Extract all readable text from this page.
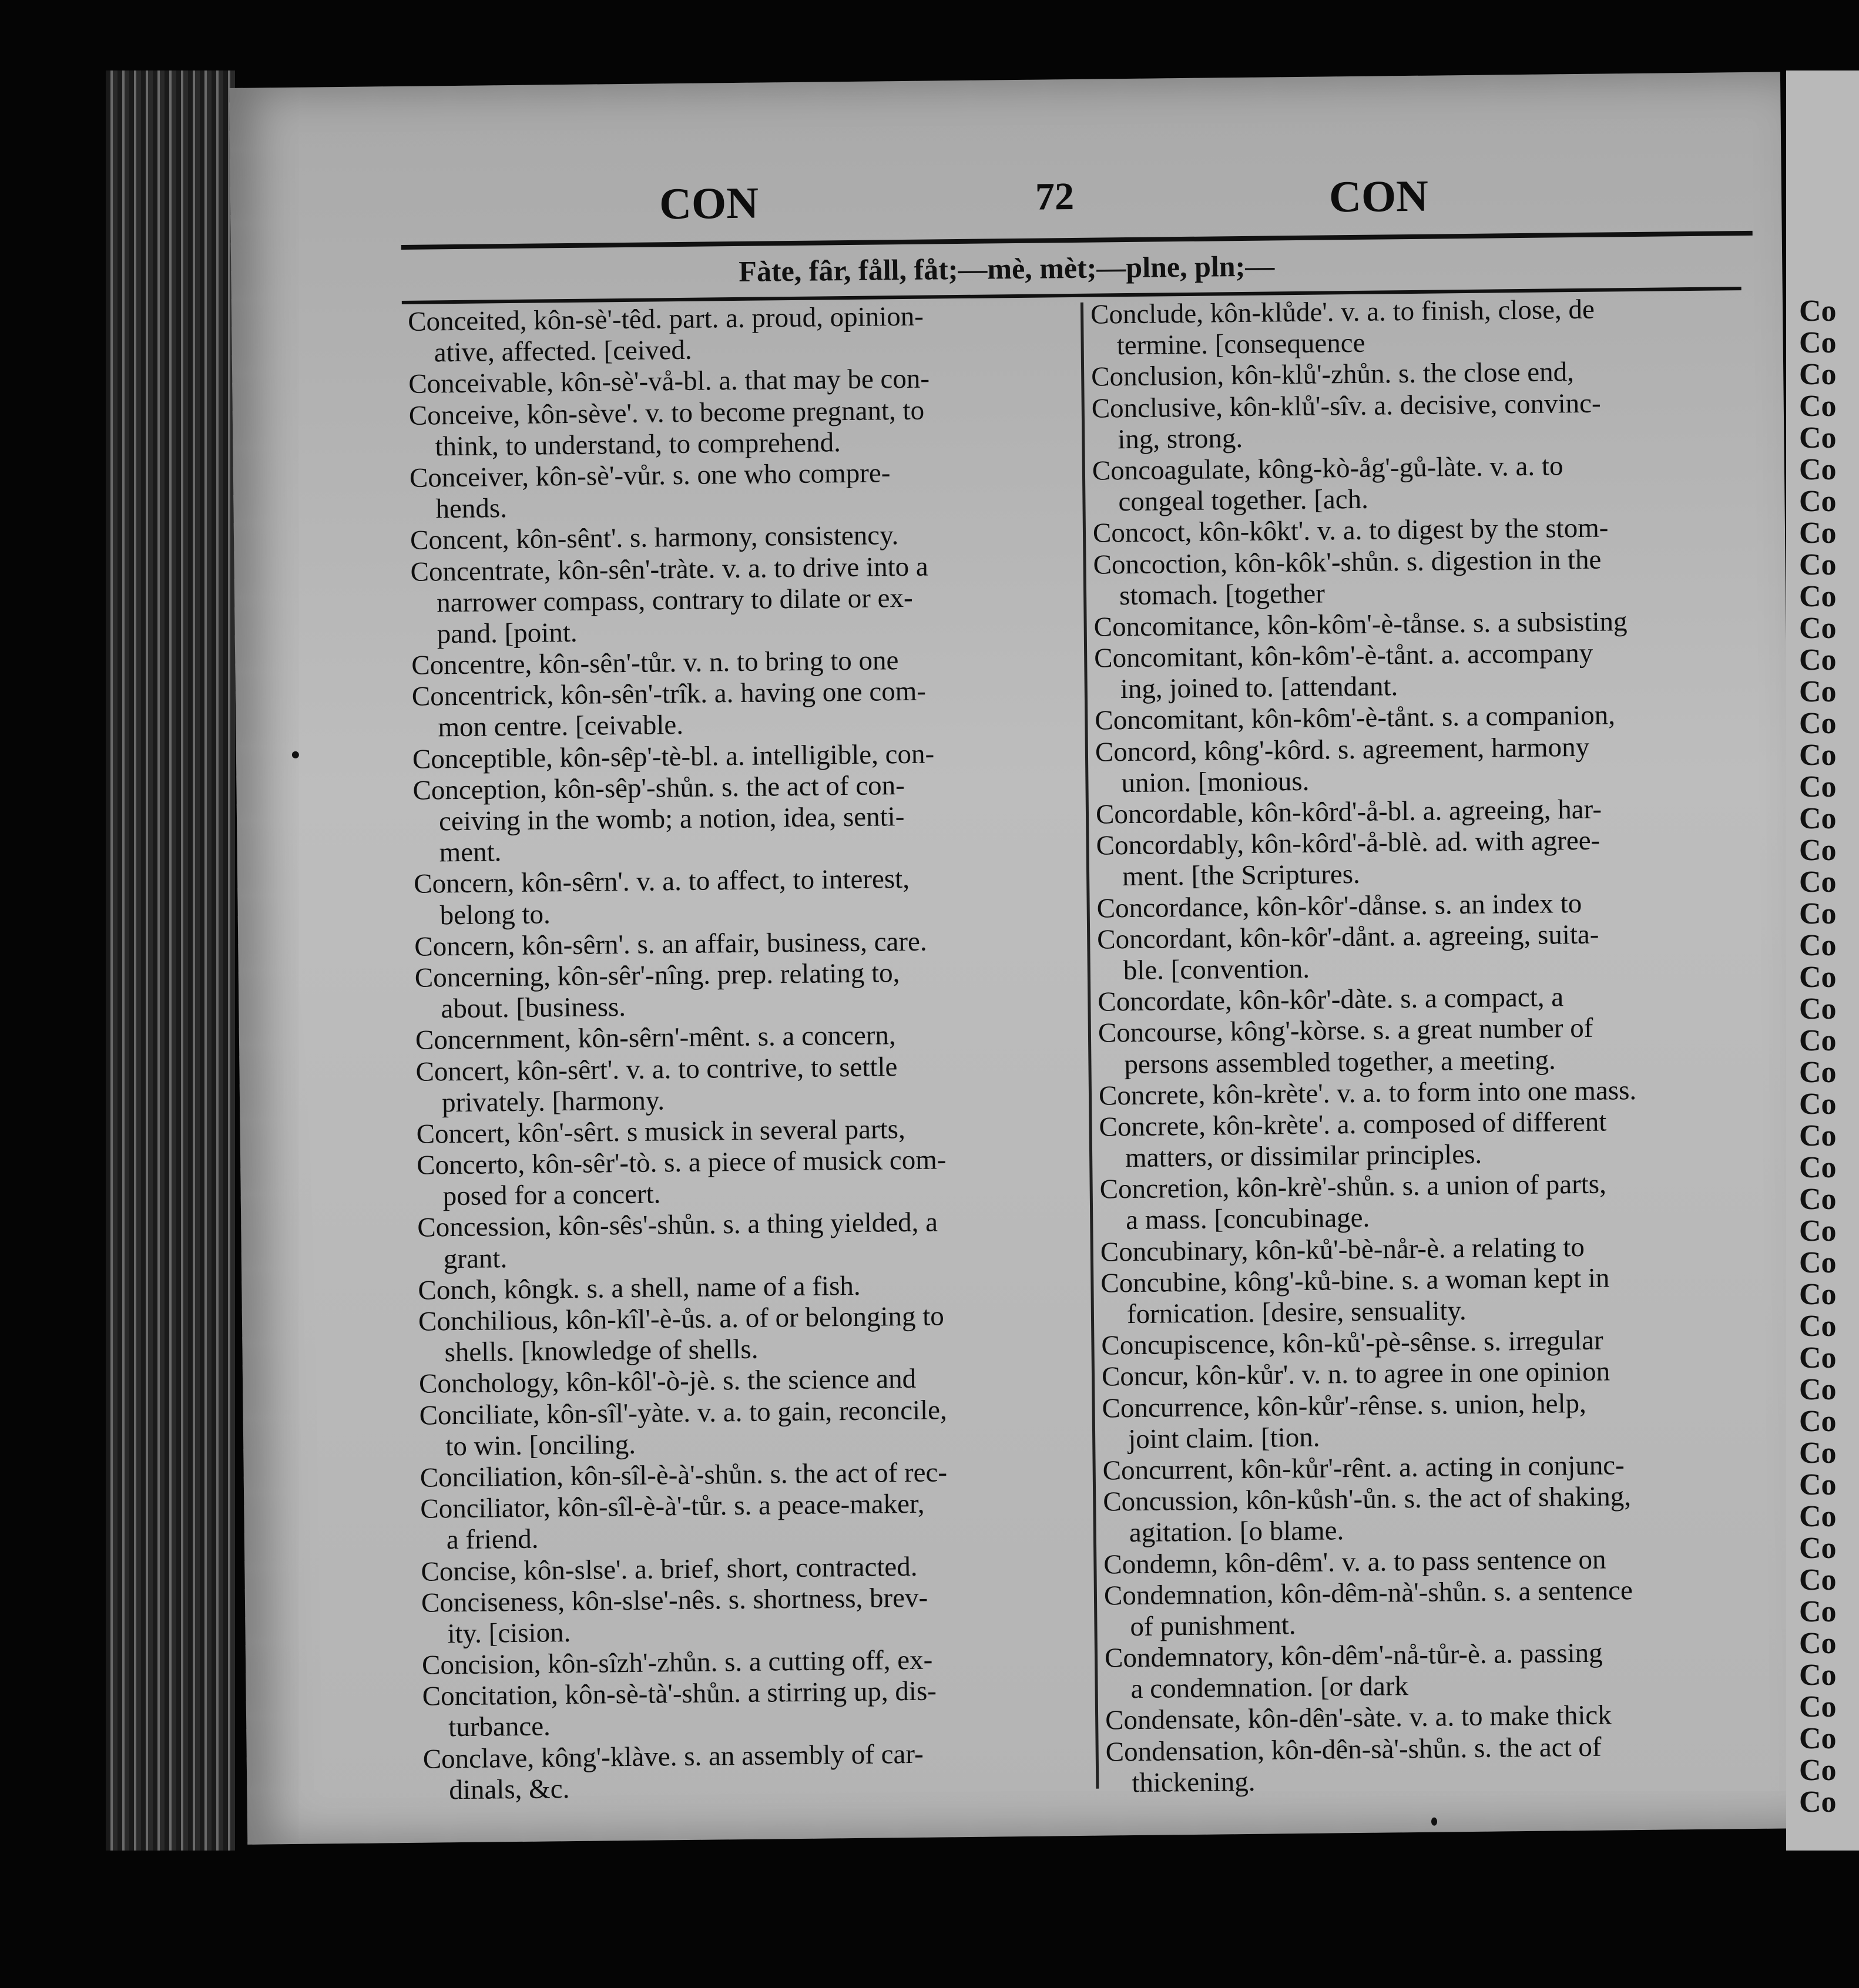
CON	72	CON
Fàte, fâr, fåll, fåt;—mè, mèt;—plne, pln;—
Conceited, kôn-sè'-têd. part. a. proud, opinion-
ative, affected. [ceived.
Conceivable, kôn-sè'-vå-bl. a. that may be con-
Conceive, kôn-sève'. v. to become pregnant, to
think, to understand, to comprehend.
Conceiver, kôn-sè'-vůr. s. one who compre-
hends.
Concent, kôn-sênt'. s. harmony, consistency.
Concentrate, kôn-sên'-tràte. v. a. to drive into a
narrower compass, contrary to dilate or ex-
pand. [point.
Concentre, kôn-sên'-tůr. v. n. to bring to one
Concentrick, kôn-sên'-trîk. a. having one com-
mon centre. [ceivable.
Conceptible, kôn-sêp'-tè-bl. a. intelligible, con-
Conception, kôn-sêp'-shůn. s. the act of con-
ceiving in the womb; a notion, idea, senti-
ment.
Concern, kôn-sêrn'. v. a. to affect, to interest,
belong to.
Concern, kôn-sêrn'. s. an affair, business, care.
Concerning, kôn-sêr'-nîng. prep. relating to,
about. [business.
Concernment, kôn-sêrn'-mênt. s. a concern,
Concert, kôn-sêrt'. v. a. to contrive, to settle
privately. [harmony.
Concert, kôn'-sêrt. s musick in several parts,
Concerto, kôn-sêr'-tò. s. a piece of musick com-
posed for a concert.
Concession, kôn-sês'-shůn. s. a thing yielded, a
grant.
Conch, kôngk. s. a shell, name of a fish.
Conchilious, kôn-kîl'-è-ůs. a. of or belonging to
shells. [knowledge of shells.
Conchology, kôn-kôl'-ò-jè. s. the science and
Conciliate, kôn-sîl'-yàte. v. a. to gain, reconcile,
to win. [onciling.
Conciliation, kôn-sîl-è-à'-shůn. s. the act of rec-
Conciliator, kôn-sîl-è-à'-tůr. s. a peace-maker,
a friend.
Concise, kôn-slse'. a. brief, short, contracted.
Conciseness, kôn-slse'-nês. s. shortness, brev-
ity. [cision.
Concision, kôn-sîzh'-zhůn. s. a cutting off, ex-
Concitation, kôn-sè-tà'-shůn. a stirring up, dis-
turbance.
Conclave, kông'-klàve. s. an assembly of car-
dinals, &c.
Conclude, kôn-klůde'. v. a. to finish, close, de
termine. [consequence
Conclusion, kôn-klů'-zhůn. s. the close end,
Conclusive, kôn-klů'-sîv. a. decisive, convinc-
ing, strong.
Concoagulate, kông-kò-åg'-gů-làte. v. a. to
congeal together. [ach.
Concoct, kôn-kôkt'. v. a. to digest by the stom-
Concoction, kôn-kôk'-shůn. s. digestion in the
stomach. [together
Concomitance, kôn-kôm'-è-tånse. s. a subsisting
Concomitant, kôn-kôm'-è-tånt. a. accompany
ing, joined to. [attendant.
Concomitant, kôn-kôm'-è-tånt. s. a companion,
Concord, kông'-kôrd. s. agreement, harmony
union. [monious.
Concordable, kôn-kôrd'-å-bl. a. agreeing, har-
Concordably, kôn-kôrd'-å-blè. ad. with agree-
ment. [the Scriptures.
Concordance, kôn-kôr'-dånse. s. an index to
Concordant, kôn-kôr'-dånt. a. agreeing, suita-
ble. [convention.
Concordate, kôn-kôr'-dàte. s. a compact, a
Concourse, kông'-kòrse. s. a great number of
persons assembled together, a meeting.
Concrete, kôn-krète'. v. a. to form into one mass.
Concrete, kôn-krète'. a. composed of different
matters, or dissimilar principles.
Concretion, kôn-krè'-shůn. s. a union of parts,
a mass. [concubinage.
Concubinary, kôn-ků'-bè-når-è. a relating to
Concubine, kông'-ků-bine. s. a woman kept in
fornication. [desire, sensuality.
Concupiscence, kôn-ků'-pè-sênse. s. irregular
Concur, kôn-kůr'. v. n. to agree in one opinion
Concurrence, kôn-kůr'-rênse. s. union, help,
joint claim. [tion.
Concurrent, kôn-kůr'-rênt. a. acting in conjunc-
Concussion, kôn-kůsh'-ůn. s. the act of shaking,
agitation. [o blame.
Condemn, kôn-dêm'. v. a. to pass sentence on
Condemnation, kôn-dêm-nà'-shůn. s. a sentence
of punishment.
Condemnatory, kôn-dêm'-nå-tůr-è. a. passing
a condemnation. [or dark
Condensate, kôn-dên'-sàte. v. a. to make thick
Condensation, kôn-dên-sà'-shůn. s. the act of
thickening.
Co
Co
Co
Co
Co
Co
Co
Co
Co
Co
Co
Co
Co
Co
Co
Co
Co
Co
Co
Co
Co
Co
Co
Co
Co
Co
Co
Co
Co
Co
Co
Co
Co
Co
Co
Co
Co
Co
Co
Co
Co
Co
Co
Co
Co
Co
Co
Co
